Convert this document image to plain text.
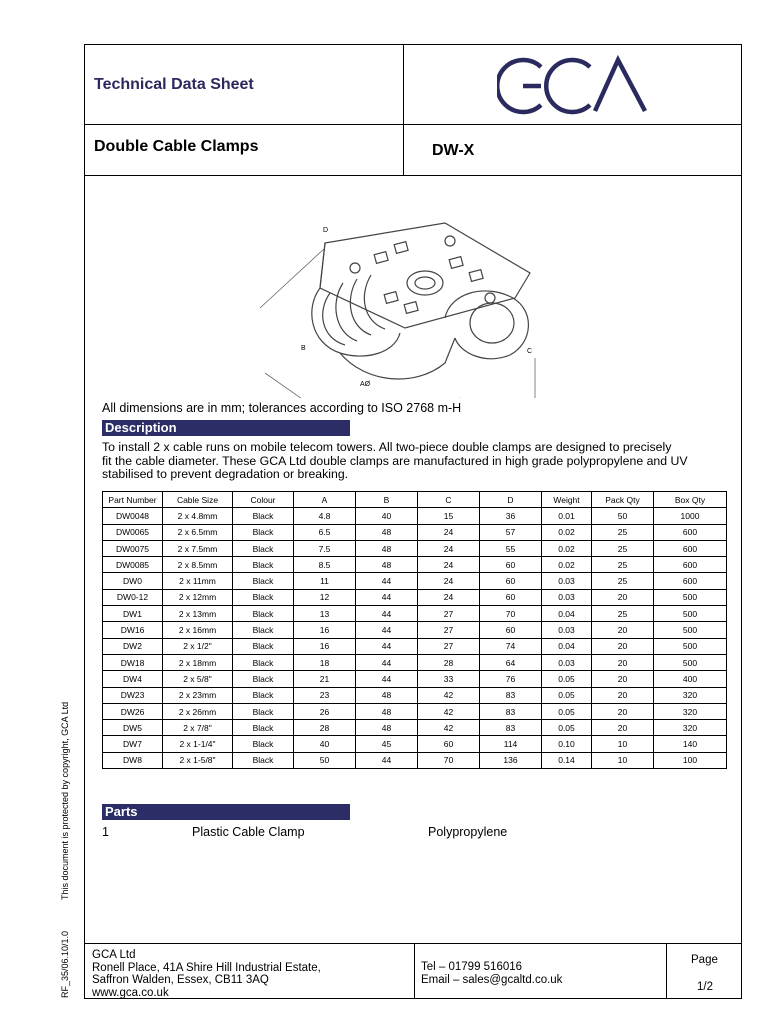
Technical Data Sheet
Double Cable Clamps	DW-X
D
B	C
AØ
All dimensions are in mm; tolerances according to ISO 2768 m-H
Description
To install 2 x cable runs on mobile telecom towers. All two-piece double clamps are designed to precisely
fit the cable diameter. These GCA Ltd double clamps are manufactured in high grade polypropylene and UV
stabilised to prevent degradation or breaking.
Part Number	Cable Size	Colour	A	B	C	D	Weight	Pack Qty	Box Qty
DW0048	2 x 4.8mm	Black	4.8	40	15	36	0.01	50	1000
DW0065	2 x 6.5mm	Black	6.5	48	24	57	0.02	25	600
DW0075	2 x 7.5mm	Black	7.5	48	24	55	0.02	25	600
DW0085	2 x 8.5mm	Black	8.5	48	24	60	0.02	25	600
DW0	2 x 11mm	Black	11	44	24	60	0.03	25	600
DW0-12	2 x 12mm	Black	12	44	24	60	0.03	20	500
DW1	2 x 13mm	Black	13	44	27	70	0.04	25	500
DW16	2 x 16mm	Black	16	44	27	60	0.03	20	500
DW2	2 x 1/2"	Black	16	44	27	74	0.04	20	500
DW18	2 x 18mm	Black	18	44	28	64	0.03	20	500
DW4	2 x 5/8"	Black	21	44	33	76	0.05	20	400
DW23	2 x 23mm	Black	23	48	42	83	0.05	20	320
DW26	2 x 26mm	Black	26	48	42	83	0.05	20	320
DW5	2 x 7/8"	Black	28	48	42	83	0.05	20	320
DW7	2 x 1-1/4"	Black	40	45	60	114	0.10	10	140
DW8	2 x 1-5/8"	Black	50	44	70	136	0.14	10	100
Parts
1	Plastic Cable Clamp	Polypropylene
GCA Ltd
Ronell Place, 41A Shire Hill Industrial Estate,
Saffron Walden, Essex, CB11 3AQ
www.gca.co.uk
Tel – 01799 516016
Email – sales@gcaltd.co.uk
Page
1/2
This document is protected by copyright, GCA Ltd
RF_35/06.10/1.0
